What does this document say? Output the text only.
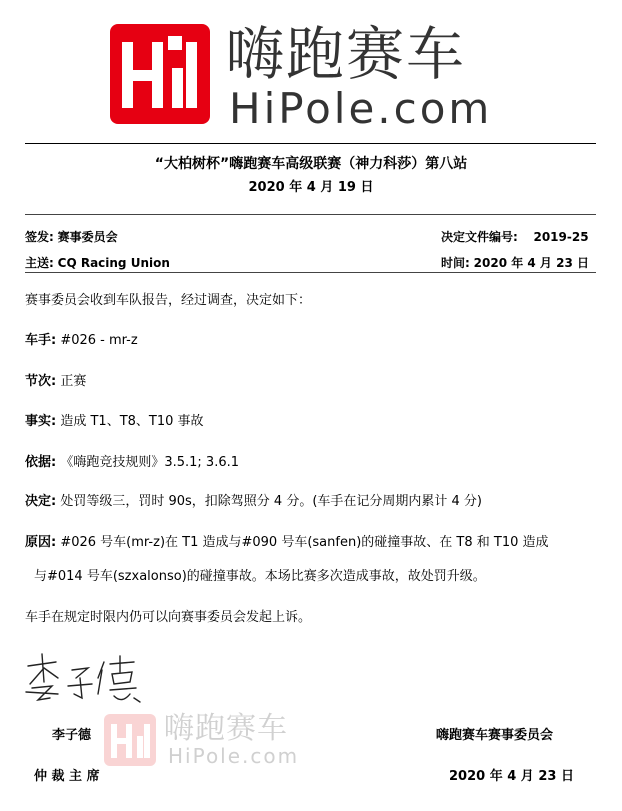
嗨跑赛车
HiPole.com
“大柏树杯”嗨跑赛车高级联赛（神力科莎）第八站
2020 年 4 月 19 日
签发: 赛事委员会	决定文件编号: 2019-25
主送: CQ Racing Union	时间: 2020 年 4 月 23 日
赛事委员会收到车队报告，经过调查，决定如下：
车手: #026 - mr-z
节次: 正赛
事实: 造成 T1、T8、T10 事故
依据: 《嗨跑竞技规则》3.5.1; 3.6.1
决定: 处罚等级三，罚时 90s，扣除驾照分 4 分。(车手在记分周期内累计 4 分)
原因: #026 号车(mr-z)在 T1 造成与#090 号车(sanfen)的碰撞事故、在 T8 和 T10 造成
与#014 号车(szxalonso)的碰撞事故。本场比赛多次造成事故，故处罚升级。
车手在规定时限内仍可以向赛事委员会发起上诉。
嗨跑赛车
HiPole.com
李子德
仲 裁 主 席
嗨跑赛车赛事委员会
2020 年 4 月 23 日
